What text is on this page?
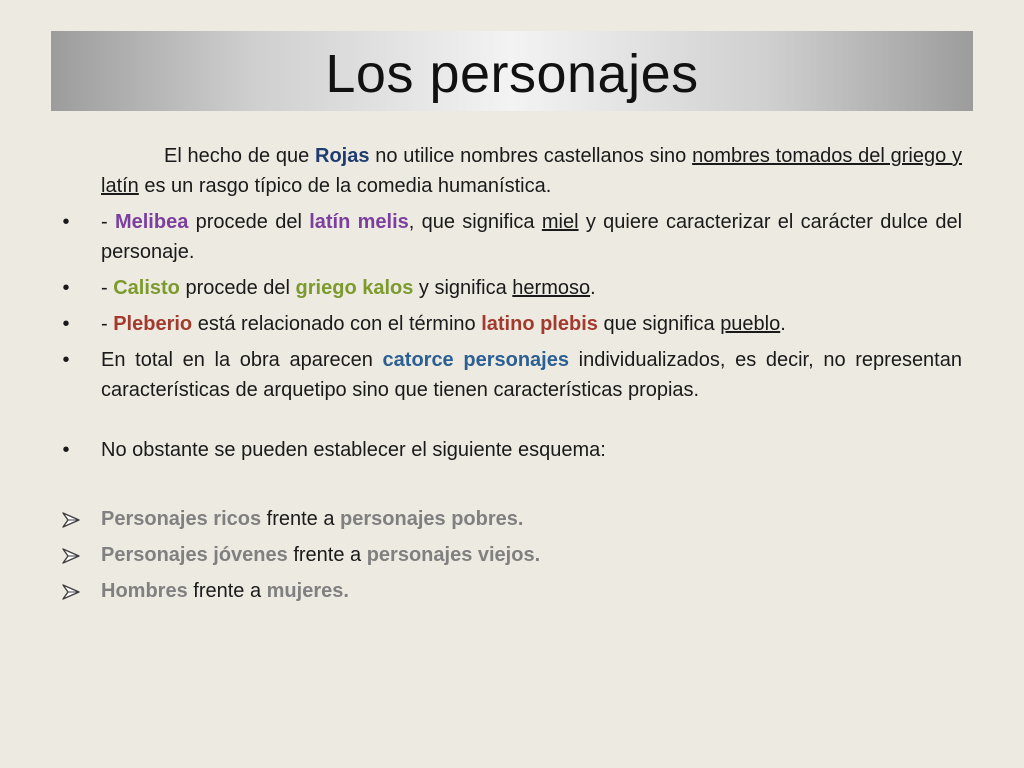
Los personajes

El hecho de que Rojas no utilice nombres castellanos sino nombres tomados del griego y latín es un rasgo típico de la comedia humanística.

• - Melibea procede del latín melis, que significa miel y quiere caracterizar el carácter dulce del personaje.
• - Calisto procede del griego kalos y significa hermoso.
• - Pleberio está relacionado con el término latino plebis que significa pueblo.
• En total en la obra aparecen catorce personajes individualizados, es decir, no representan características de arquetipo sino que tienen características propias.
• No obstante se pueden establecer el siguiente esquema:
Personajes ricos frente a personajes pobres.
Personajes jóvenes frente a personajes viejos.
Hombres frente a mujeres.
